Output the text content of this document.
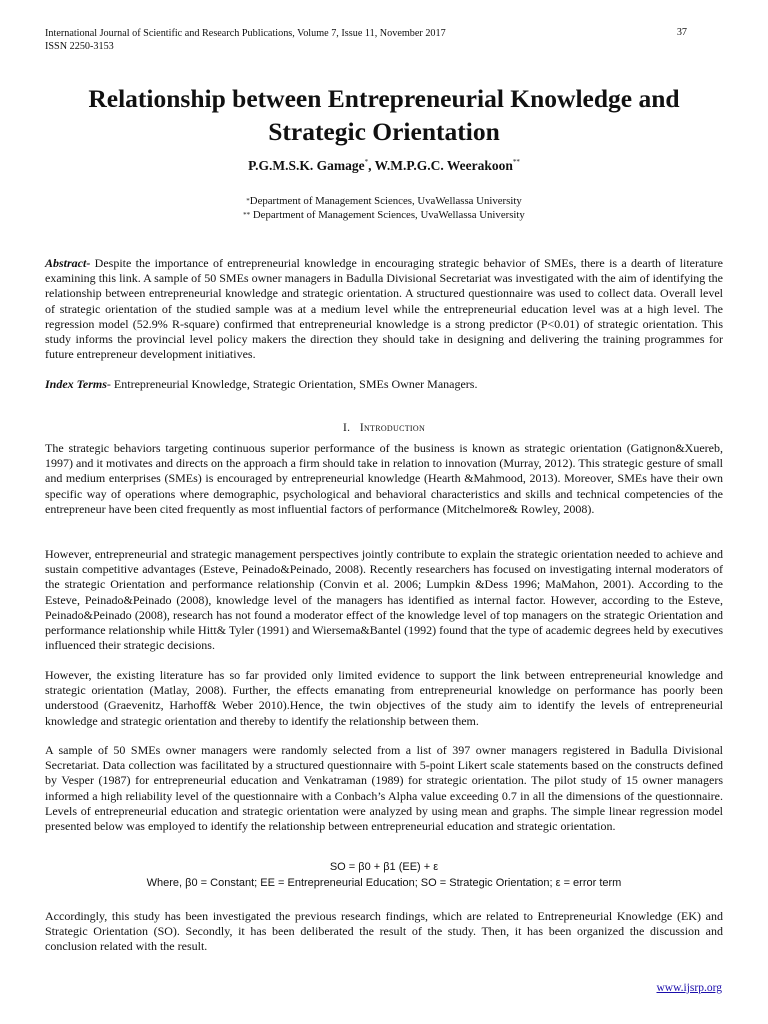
International Journal of Scientific and Research Publications, Volume 7, Issue 11, November 2017
ISSN 2250-3153
37
Relationship between Entrepreneurial Knowledge and
Strategic Orientation
P.G.M.S.K. Gamage*, W.M.P.G.C. Weerakoon**
*Department of Management Sciences, UvaWellassa University
** Department of Management Sciences, UvaWellassa University
Abstract- Despite the importance of entrepreneurial knowledge in encouraging strategic behavior of SMEs, there is a dearth of literature examining this link. A sample of 50 SMEs owner managers in Badulla Divisional Secretariat was investigated with the aim of identifying the relationship between entrepreneurial knowledge and strategic orientation. A structured questionnaire was used to collect data. Overall level of strategic orientation of the studied sample was at a medium level while the entrepreneurial education level was at a high level. The regression model (52.9% R-square) confirmed that entrepreneurial knowledge is a strong predictor (P<0.01) of strategic orientation. This study informs the provincial level policy makers the direction they should take in designing and delivering the training programmes for future entrepreneur development initiatives.
Index Terms- Entrepreneurial Knowledge, Strategic Orientation, SMEs Owner Managers.
I. Introduction
The strategic behaviors targeting continuous superior performance of the business is known as strategic orientation (Gatignon&Xuereb, 1997) and it motivates and directs on the approach a firm should take in relation to innovation (Murray, 2012). This strategic gesture of small and medium enterprises (SMEs) is encouraged by entrepreneurial knowledge (Hearth &Mahmood, 2013). Moreover, SMEs have their own specific way of operations where demographic, psychological and behavioral characteristics and skills and technical competencies of the entrepreneur have been cited frequently as most influential factors of performance (Mitchelmore& Rowley, 2008).
However, entrepreneurial and strategic management perspectives jointly contribute to explain the strategic orientation needed to achieve and sustain competitive advantages (Esteve, Peinado&Peinado, 2008). Recently researchers has focused on investigating internal moderators of the strategic Orientation and performance relationship (Convin et al. 2006; Lumpkin &Dess 1996; MaMahon, 2001). According to the Esteve, Peinado&Peinado (2008), knowledge level of the managers has identified as internal factor. However, according to the Esteve, Peinado&Peinado (2008), research has not found a moderator effect of the knowledge level of top managers on the strategic Orientation and performance relationship while Hitt& Tyler (1991) and Wiersema&Bantel (1992) found that the type of academic degrees held by executives influenced their strategic decisions.
However, the existing literature has so far provided only limited evidence to support the link between entrepreneurial knowledge and strategic orientation (Matlay, 2008). Further, the effects emanating from entrepreneurial knowledge on performance has poorly been understood (Graevenitz, Harhoff& Weber 2010).Hence, the twin objectives of the study aim to identify the levels of entrepreneurial knowledge and strategic orientation and thereby to identify the relationship between them.
A sample of 50 SMEs owner managers were randomly selected from a list of 397 owner managers registered in Badulla Divisional Secretariat. Data collection was facilitated by a structured questionnaire with 5-point Likert scale statements based on the constructs defined by Vesper (1987) for entrepreneurial education and Venkatraman (1989) for strategic orientation. The pilot study of 15 owner managers informed a high reliability level of the questionnaire with a Conbach’s Alpha value exceeding 0.7 in all the dimensions of the questionnaire. Levels of entrepreneurial education and strategic orientation were analyzed by using mean and graphs. The simple linear regression model presented below was employed to identify the relationship between entrepreneurial education and strategic orientation.
SO = β0 + β1 (EE) + ε
Where, β0 = Constant; EE = Entrepreneurial Education; SO = Strategic Orientation; ε = error term
Accordingly, this study has been investigated the previous research findings, which are related to Entrepreneurial Knowledge (EK) and Strategic Orientation (SO). Secondly, it has been deliberated the result of the study. Then, it has been organized the discussion and conclusion related with the result.
www.ijsrp.org
